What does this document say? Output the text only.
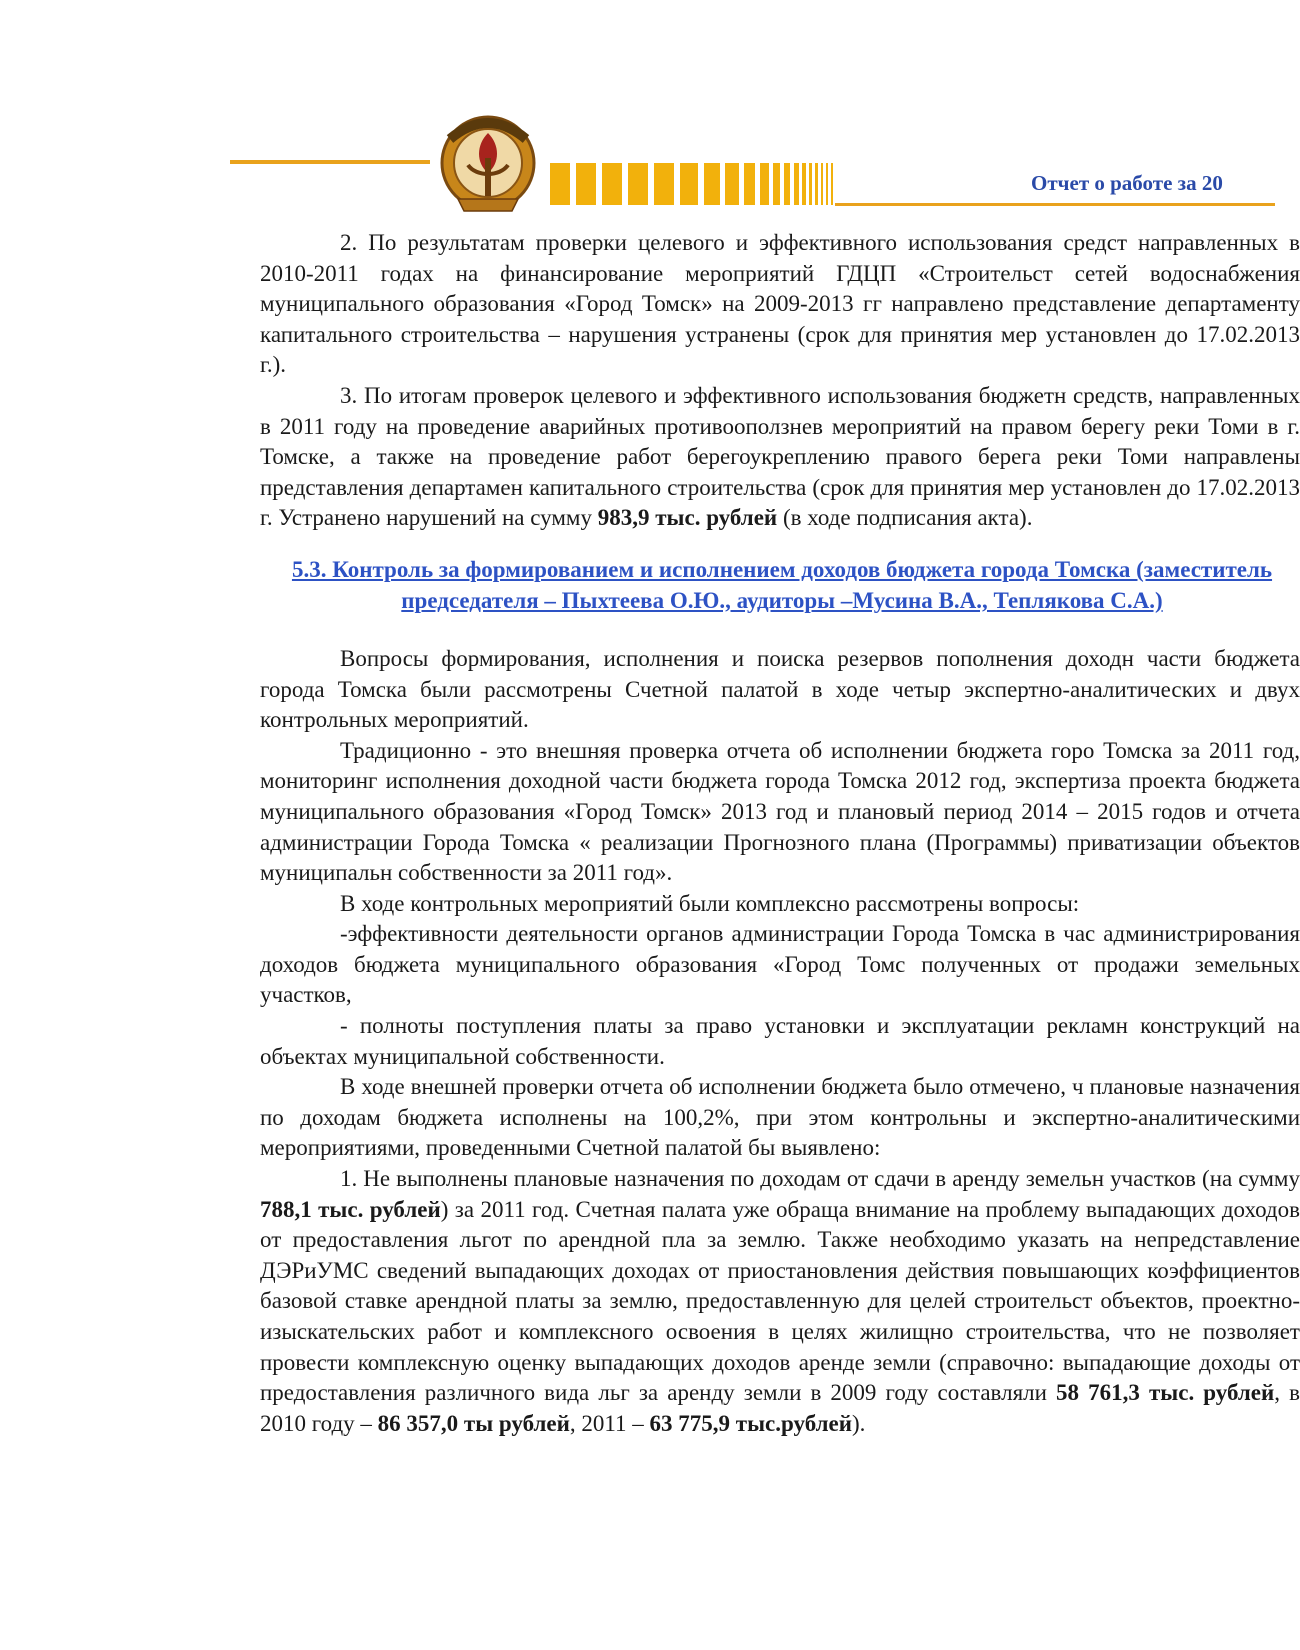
Отчет о работе за 20

2. По результатам проверки целевого и эффективного использования средст направленных в 2010-2011 годах на финансирование мероприятий ГДЦП «Строительст сетей водоснабжения муниципального образования «Город Томск» на 2009-2013 гг направлено представление департаменту капитального строительства – нарушения устранены (срок для принятия мер установлен до 17.02.2013 г.).

3. По итогам проверок целевого и эффективного использования бюджетн средств, направленных в 2011 году на проведение аварийных противооползнев мероприятий на правом берегу реки Томи в г. Томске, а также на проведение работ берегоукреплению правого берега реки Томи направлены представления департамен капитального строительства (срок для принятия мер установлен до 17.02.2013 г. Устранено нарушений на сумму 983,9 тыс. рублей (в ходе подписания акта).

5.3. Контроль за формированием и исполнением доходов бюджета города Томска (заместитель председателя – Пыхтеева О.Ю., аудиторы –Мусина В.А., Теплякова С.А.)

Вопросы формирования, исполнения и поиска резервов пополнения доходн части бюджета города Томска были рассмотрены Счетной палатой в ходе четыр экспертно-аналитических и двух контрольных мероприятий.

Традиционно - это внешняя проверка отчета об исполнении бюджета горо Томска за 2011 год, мониторинг исполнения доходной части бюджета города Томска 2012 год, экспертиза проекта бюджета муниципального образования «Город Томск» 2013 год и плановый период 2014 – 2015 годов и отчета администрации Города Томска « реализации Прогнозного плана (Программы) приватизации объектов муниципальн собственности за 2011 год».

В ходе контрольных мероприятий были комплексно рассмотрены вопросы:

-эффективности деятельности органов администрации Города Томска в час администрирования доходов бюджета муниципального образования «Город Томс полученных от продажи земельных участков,

- полноты поступления платы за право установки и эксплуатации рекламн конструкций на объектах муниципальной собственности.

В ходе внешней проверки отчета об исполнении бюджета было отмечено, ч плановые назначения по доходам бюджета исполнены на 100,2%, при этом контрольны и экспертно-аналитическими мероприятиями, проведенными Счетной палатой бы выявлено:

1. Не выполнены плановые назначения по доходам от сдачи в аренду земельн участков (на сумму 788,1 тыс. рублей) за 2011 год. Счетная палата уже обраща внимание на проблему выпадающих доходов от предоставления льгот по арендной пла за землю. Также необходимо указать на непредставление ДЭРиУМС сведений выпадающих доходах от приостановления действия повышающих коэффициентов базовой ставке арендной платы за землю, предоставленную для целей строительст объектов, проектно-изыскательских работ и комплексного освоения в целях жилищно строительства, что не позволяет провести комплексную оценку выпадающих доходов аренде земли (справочно: выпадающие доходы от предоставления различного вида льг за аренду земли в 2009 году составляли 58 761,3 тыс. рублей, в 2010 году – 86 357,0 ты рублей, 2011 – 63 775,9 тыс.рублей).
